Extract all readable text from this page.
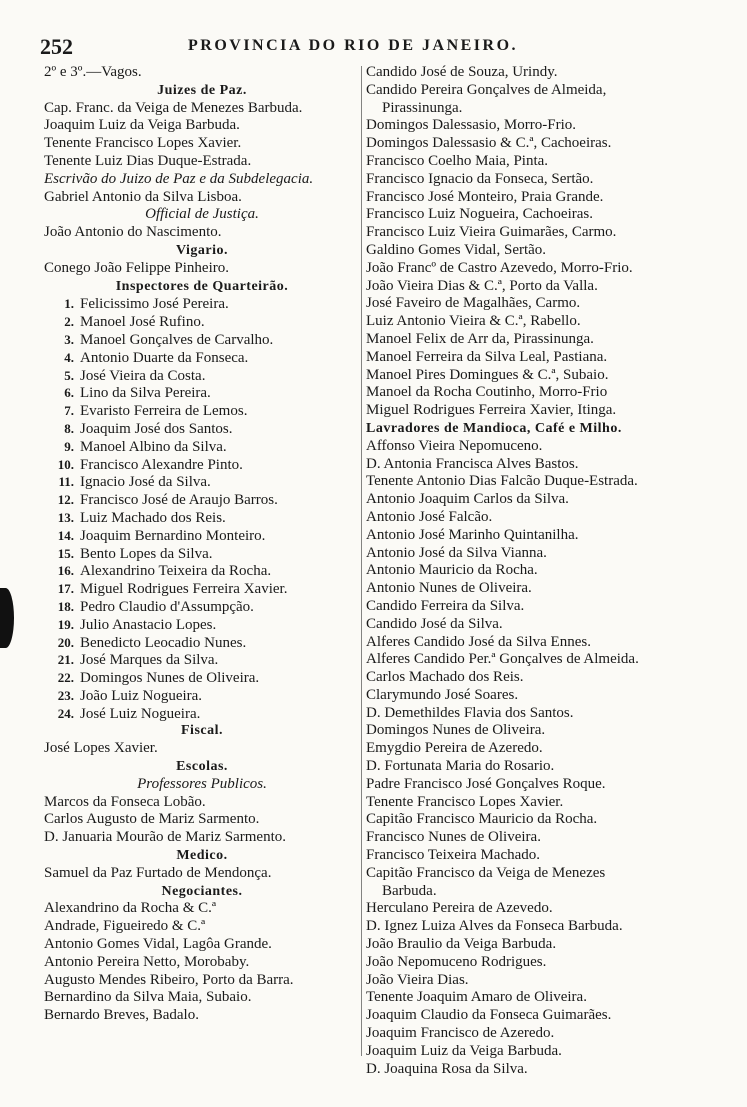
252	PROVINCIA DO RIO DE JANEIRO.
2º e 3º.—Vagos.
Juizes de Paz.
Cap. Franc. da Veiga de Menezes Barbuda.
Joaquim Luiz da Veiga Barbuda.
Tenente Francisco Lopes Xavier.
Tenente Luiz Dias Duque-Estrada.
Escrivão do Juizo de Paz e da Subdelegacia.
Gabriel Antonio da Silva Lisboa.
Official de Justiça.
João Antonio do Nascimento.
Vigario.
Conego João Felippe Pinheiro.
Inspectores de Quarteirão.
1. Felicissimo José Pereira.
2. Manoel José Rufino.
3. Manoel Gonçalves de Carvalho.
4. Antonio Duarte da Fonseca.
5. José Vieira da Costa.
6. Lino da Silva Pereira.
7. Evaristo Ferreira de Lemos.
8. Joaquim José dos Santos.
9. Manoel Albino da Silva.
10. Francisco Alexandre Pinto.
11. Ignacio José da Silva.
12. Francisco José de Araujo Barros.
13. Luiz Machado dos Reis.
14. Joaquim Bernardino Monteiro.
15. Bento Lopes da Silva.
16. Alexandrino Teixeira da Rocha.
17. Miguel Rodrigues Ferreira Xavier.
18. Pedro Claudio d'Assumpção.
19. Julio Anastacio Lopes.
20. Benedicto Leocadio Nunes.
21. José Marques da Silva.
22. Domingos Nunes de Oliveira.
23. João Luiz Nogueira.
24. José Luiz Nogueira.
Fiscal.
José Lopes Xavier.
Escolas.
Professores Publicos.
Marcos da Fonseca Lobão.
Carlos Augusto de Mariz Sarmento.
D. Januaria Mourão de Mariz Sarmento.
Medico.
Samuel da Paz Furtado de Mendonça.
Negociantes.
Alexandrino da Rocha & C.ª
Andrade, Figueiredo & C.ª
Antonio Gomes Vidal, Lagôa Grande.
Antonio Pereira Netto, Morobaby.
Augusto Mendes Ribeiro, Porto da Barra.
Bernardino da Silva Maia, Subaio.
Bernardo Breves, Badalo.
Candido José de Souza, Urindy.
Candido Pereira Gonçalves de Almeida,
Pirassinunga.
Domingos Dalessasio, Morro-Frio.
Domingos Dalessasio & C.ª, Cachoeiras.
Francisco Coelho Maia, Pinta.
Francisco Ignacio da Fonseca, Sertão.
Francisco José Monteiro, Praia Grande.
Francisco Luiz Nogueira, Cachoeiras.
Francisco Luiz Vieira Guimarães, Carmo.
Galdino Gomes Vidal, Sertão.
João Francº de Castro Azevedo, Morro-Frio.
João Vieira Dias & C.ª, Porto da Valla.
José Faveiro de Magalhães, Carmo.
Luiz Antonio Vieira & C.ª, Rabello.
Manoel Felix de Arr da, Pirassinunga.
Manoel Ferreira da Silva Leal, Pastiana.
Manoel Pires Domingues & C.ª, Subaio.
Manoel da Rocha Coutinho, Morro-Frio
Miguel Rodrigues Ferreira Xavier, Itinga.
Lavradores de Mandioca, Café e Milho.
Affonso Vieira Nepomuceno.
D. Antonia Francisca Alves Bastos.
Tenente Antonio Dias Falcão Duque-Estrada.
Antonio Joaquim Carlos da Silva.
Antonio José Falcão.
Antonio José Marinho Quintanilha.
Antonio José da Silva Vianna.
Antonio Mauricio da Rocha.
Antonio Nunes de Oliveira.
Candido Ferreira da Silva.
Candido José da Silva.
Alferes Candido José da Silva Ennes.
Alferes Candido Per.ª Gonçalves de Almeida.
Carlos Machado dos Reis.
Clarymundo José Soares.
D. Demethildes Flavia dos Santos.
Domingos Nunes de Oliveira.
Emygdio Pereira de Azeredo.
D. Fortunata Maria do Rosario.
Padre Francisco José Gonçalves Roque.
Tenente Francisco Lopes Xavier.
Capitão Francisco Mauricio da Rocha.
Francisco Nunes de Oliveira.
Francisco Teixeira Machado.
Capitão Francisco da Veiga de Menezes
Barbuda.
Herculano Pereira de Azevedo.
D. Ignez Luiza Alves da Fonseca Barbuda.
João Braulio da Veiga Barbuda.
João Nepomuceno Rodrigues.
João Vieira Dias.
Tenente Joaquim Amaro de Oliveira.
Joaquim Claudio da Fonseca Guimarães.
Joaquim Francisco de Azeredo.
Joaquim Luiz da Veiga Barbuda.
D. Joaquina Rosa da Silva.
